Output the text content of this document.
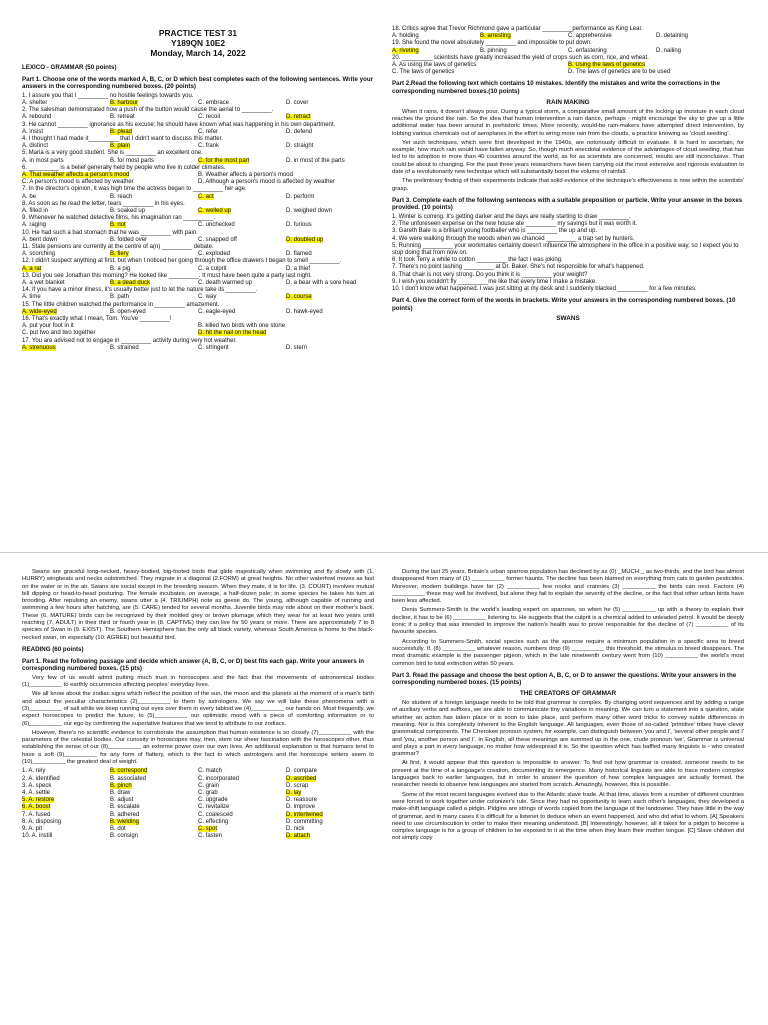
PRACTICE TEST 31
Y189QN 10E2
Monday, March 14, 2022
LEXICO - GRAMMAR (50 points)
Part 1. Choose one of the words marked A, B, C, or D which best completes each of the following sentences. Write your answers in the corresponding numbered boxes. (20 points)
1. I assure you that I _________ no hostile feelings towards you.
A. shelter	B. harbour	C. embrace	D. cover
2. The salesman demonstrated how a push of the button would cause the aerial to _________.
A. rebound	B. retreat	C. recoil	D. retract
3. He cannot _________ ignorance as his excuse; he should have known what was happening in his own department.
A. insist	B. plead	C. refer	D. defend
4. I thought I had made it_________ that I didn't want to discuss this matter.
A. distinct	B. plain	C. frank	D. straight
5. Maria is a very good student. She is _________ an excellent one.
A. in most parts	B. for most parts	C. for the most part	D. in most of the parts
6. _________ is a belief generally held by people who live in colder climates.
A. That weather affects a person's mood	B. Weather affects a person's mood
C. A person's mood is affected by weather	D. Although a person's mood is affected by weather
7. In the director's opinion, it was high time the actress began to _________ her age.
A. be	B. reach	C. act	D. perform
8. As soon as he read the letter, tears _________ in his eyes.
A. filled in	B. soaked up	C. welled up	D. weighed down
9. Whenever he watched detective films, his imagination ran _________.
A. raging	B. riot	C. unchecked	D. furious
10. He had such a bad stomach that he was _________ with pain.
A. bent down	B. folded over	C. snapped off	D. doubled up
11. State pensions are currently at the centre of a(n) _________ debate.
A. scorching	B. fiery	C. exploded	D. flamed
12. I didn't suspect anything at first, but when I noticed her going through the office drawers I began to smell _________.
A. a rat	B. a pig	C. a culprit	D. a thief
13. Did you see Jonathan this morning? He looked like _________. It must have been quite a party last night.
A. a wet blanket	B. a dead duck	C. death warmed up	D. a bear with a sore head
14. If you have a minor illness, it's usually better just to let the nature take its _________.
A. time	B. path	C. way	D. course
15. The little children watched the performance in _________ amazement.
A. wide-eyed	B. open-eyed	C. eagle-eyed	D. hawk-eyed
16. That's exactly what I mean, Tom. You've _________!
A. put your foot in it	B. killed two birds with one stone
C. put two and two together	D. hit the nail on the head
17. You are advised not to engage in _________ activity during very hot weather.
A. strenuous	B. strained	C. stringent	D. stern
18. Critics agree that Trevor Richmond gave a particular _________performance as King Lear.
A. holding	B. arresting	C. apprehensive	D. detaining
19. She found the novel absolutely _________ and impossible to put down.
A. riveting	B. pinning	C. enfastening	D. nailing
20. _________ scientists have greatly increased the yield of crops such as corn, rice, and wheat.
A. As using the laws of genetics	B. Using the laws of genetics
C. The laws of genetics	D. The laws of genetics are to be used
Part 2.Read the following text which contains 10 mistakes. Identify the mistakes and write the corrections in the corresponding numbered boxes.(10 points)
RAIN MAKING
When it rains, it doesn't always pour. During a typical storm, a comparative small amount of the locking up moisture in each cloud reaches the ground like rain. So the idea that human intervention a rain dance, perhaps - might encourage the sky to give up a little additional water has been around in prehistoric times. More recently, would-be rain-makers have attempted direct intervention, by lobbing various chemicals out of aeroplanes in the effort to wring more rain from the clouds, a practice knowing as 'cloud seeding'.
Yet such techniques, which were first developed in the 1940s, are notoriously difficult to evaluate. It is hard to ascertain, for example, how much rain would have fallen anyway. So, though much anecdotal evidence of the advantages of cloud seeding, that has led to its adoption in more than 40 countries around the world, as for as scientists are concerned, results are still inconclusive. That could be about to changing. For the past three years researchers have been carrying out the most extensive and rigorous evaluation to date of a revolutionarily new technique which will substantially boost the volume of rainfall.
The preliminary finding of their experiments indicate that solid evidence of the technique's effectiveness is now within the scientists' grasp.
Part 3. Complete each of the following sentences with a suitable preposition or particle. Write your answer in the boxes provided. (10 points)
1. Winter is coming. It's getting darker and the days are really starting to draw _________.
2. The unforeseen expense on the new house ate _________ my savings but it was worth it.
3. Gareth Bale is a brilliant young footballer who is _________ the up and up.
4. We were walking through the woods when we chanced _________ a trap set by hunters.
5. Running _________ your workmates certainly doesn't influence the atmosphere in the office in a positive way, so I expect you to stop doing that from now on.
6. It took Terry a while to cotton _________ the fact I was joking.
7. There's no point lashing _________ at Dr. Baker. She's not responsible for what's happened.
8. That chair is not very strong. Do you think it is _________ your weight?
9. I wish you wouldn't fly _________me like that every time I make a mistake.
10. I don't know what happened. I was just sitting at my desk and I suddenly blacked _________ for a few minutes.
Part 4. Give the correct form of the words in brackets. Write your answers in the corresponding numbered boxes. (10 points)
SWANS
Swans are graceful long-necked, heavy-bodied, big-footed birds that glide majestically when swimming and fly slowly with (1. HURRY) wingbeats and necks outstretched. They migrate in a diagonal (2.FORM) at great heights. No other waterfowl moves as fast on the water or in the air. Swans are social except in the breeding season. When they mate, it is for life. (3. COURT) involves mutual bill dipping or head-to-head posturing. The female incubates, on average, a half-dozen pale; in some species he takes his turn at brooding. After repulsing an enemy, swans utter a (4. TRIUMPH) note as geese do. The young, although capable of running and swimming a few hours after hatching, are (5. CARE) tended for several months. Juvenile birds may ride about on their mother's back. These (6. MATURE) birds can be recognized by their mottled grey or brown plumage which they wear for at least two years until reaching (7. ADULT) in their third or fourth year in (8. CAPTIVE) they can live for 50 years or more. There are approximately 7 to 8 species of Swan in (9. EXIST). The Southern Hemisphere has the only all black variety, whereas South America is home to the black-necked swan, on especially (10. AGREE) but beautiful bird.
READING (60 points)
Part 1. Read the following passage and decide which answer (A, B, C, or D) best fits each gap. Write your answers in corresponding numbered boxes. (15 pts)
Very few of us would admit putting much trust in horoscopes and the fact that the movements of astronomical bodies (1)__________ to earthly occurrences affecting peoples' everyday lives.
We all know about the zodiac signs which reflect the position of the sun, the moon and the planets at the moment of a man's birth and about the peculiar characteristics (2)__________ to them by astrologers. We say we will take these phenomena with a (3)__________ of salt while we keep running our eyes over them in every tabloid we (4)__________ our hands on. Most frequently, we expect horoscopes to predict the future, to (5)__________ our optimistic mood with a piece of comforting information or to (6)__________ our ego by confirming the superlative features that we tend to attribute to our zodiacs.
However, there's no scientific evidence to corroborate the assumption that human existence is so closely (7)__________ with the parameters of the celestial bodies. Our curiosity in horoscopes may, then, stem our sheer fascination with the horoscopes other, thus establishing the sense of our (8)__________ an extreme power over our own lives. An additional explanation is that humans tend to have a soft (9)__________ for any form of flattery, which is the fact to which astrologers and the horoscope writers seem to (10)__________ the greatest deal of weight.
1. A. rely	B. correspond	C. match	D. compare
2. A. identified	B. associated	C. incorporated	D. ascribed
3. A. speck	B. pinch	C. grain	D. scrap
4. A. settle	B. draw	C. grab	D. lay
5. A. restore	B. adjust	C. upgrade	D. reassure
6. A. boost	B. escalate	C. revitalize	D. improve
7. A. fused	B. adhered	C. coalesced	D. intertwined
8. A. disposing	B. wielding	C. effecting	D. committing
9. A. pit	B. dot	C. spot	D. nick
10. A. instill	B. consign	C. fasten	D. attach
During the last 25 years, Britain's urban sparrow population has declined by as (0) _MUCH _ as two-thirds, and the bird has almost disappeared from many of (1) __________ former haunts. The decline has been blamed on everything from cats to garden pesticides. Moreover, modern buildings have far (2) __________ few nooks and crannies (3) __________ the birds can nest. Factors (4) __________ these may well be involved, but alone they fail to explain the severity of the decline, or the fact that other urban birds have been less affected.
Denis Summers-Smith is the world's leading expert on sparrows, so when he (5) __________ up with a theory to explain their decline, it has to be (6) __________ listening to. He suggests that the culprit is a chemical added to unleaded petrol. It would be deeply ironic if a policy that was intended to improve the nation's health was to prove responsible for the decline of (7) __________ of its favourite species.
According to Summers-Smith, social species such as the sparrow require a minimum population in a specific area to breed successfully. If, (8) __________ whatever reason, numbers drop (9) __________ this threshold, the stimulus to breed disappears. The most dramatic example is the passenger pigeon, which in the late nineteenth century went from (10) __________ the world's most common bird to total extinction within 50 years.
Part 3. Read the passage and choose the best option A, B, C, or D to answer the questions. Write your answers in the corresponding numbered boxes. (15 points)
THE CREATORS OF GRAMMAR
No student of a foreign language needs to be told that grammar is complex. By changing word sequences and by adding a range of auxiliary verbs and suffixes, we are able to communicate tiny variations in meaning. We can turn a statement into a question, state whether an action has taken place or is soon to take place, and perform many other word tricks to convey subtle differences in meaning. Nor is this complexity inherent to the English language. All languages, even those of so-called 'primitive' tribes have clever grammatical components. The Cherokee pronoun system, for example, can distinguish between 'you and I', 'several other people and I' and 'you, another person and I'. In English, all these meanings are summed up in the one, crude pronoun 'we'. Grammar is universal and plays a part in every language, no matter how widespread it is. So the question which has baffled many linguists is - who created grammar?
At first, it would appear that this question is impossible to answer. To find out how grammar is created, someone needs to be present at the time of a language's creation, documenting its emergence. Many historical linguists are able to trace modern complex languages back to earlier languages, but in order to answer the question of how complex languages are actually formed, the researcher needs to observe how languages are started from scratch. Amazingly, however, this is possible.
Some of the most recent languages evolved due to the Atlantic slave trade. At that time, slaves from a number of different countries were forced to work together under colonizer's rule. Since they had no opportunity to learn each other's languages, they developed a make-shift language called a pidgin. Pidgins are strings of words copied from the language of the landowner. They have little in the way of grammar, and in many cases it is difficult for a listener to deduce when an event happened, and who did what to whom. [A] Speakers need to use circumlocution in order to make their meaning understood. [B] Interestingly, however, all it takes for a pidgin to become a complex language is for a group of children to be exposed to it at the time when they learn their mother tongue. [C] Slave children did not simply copy
